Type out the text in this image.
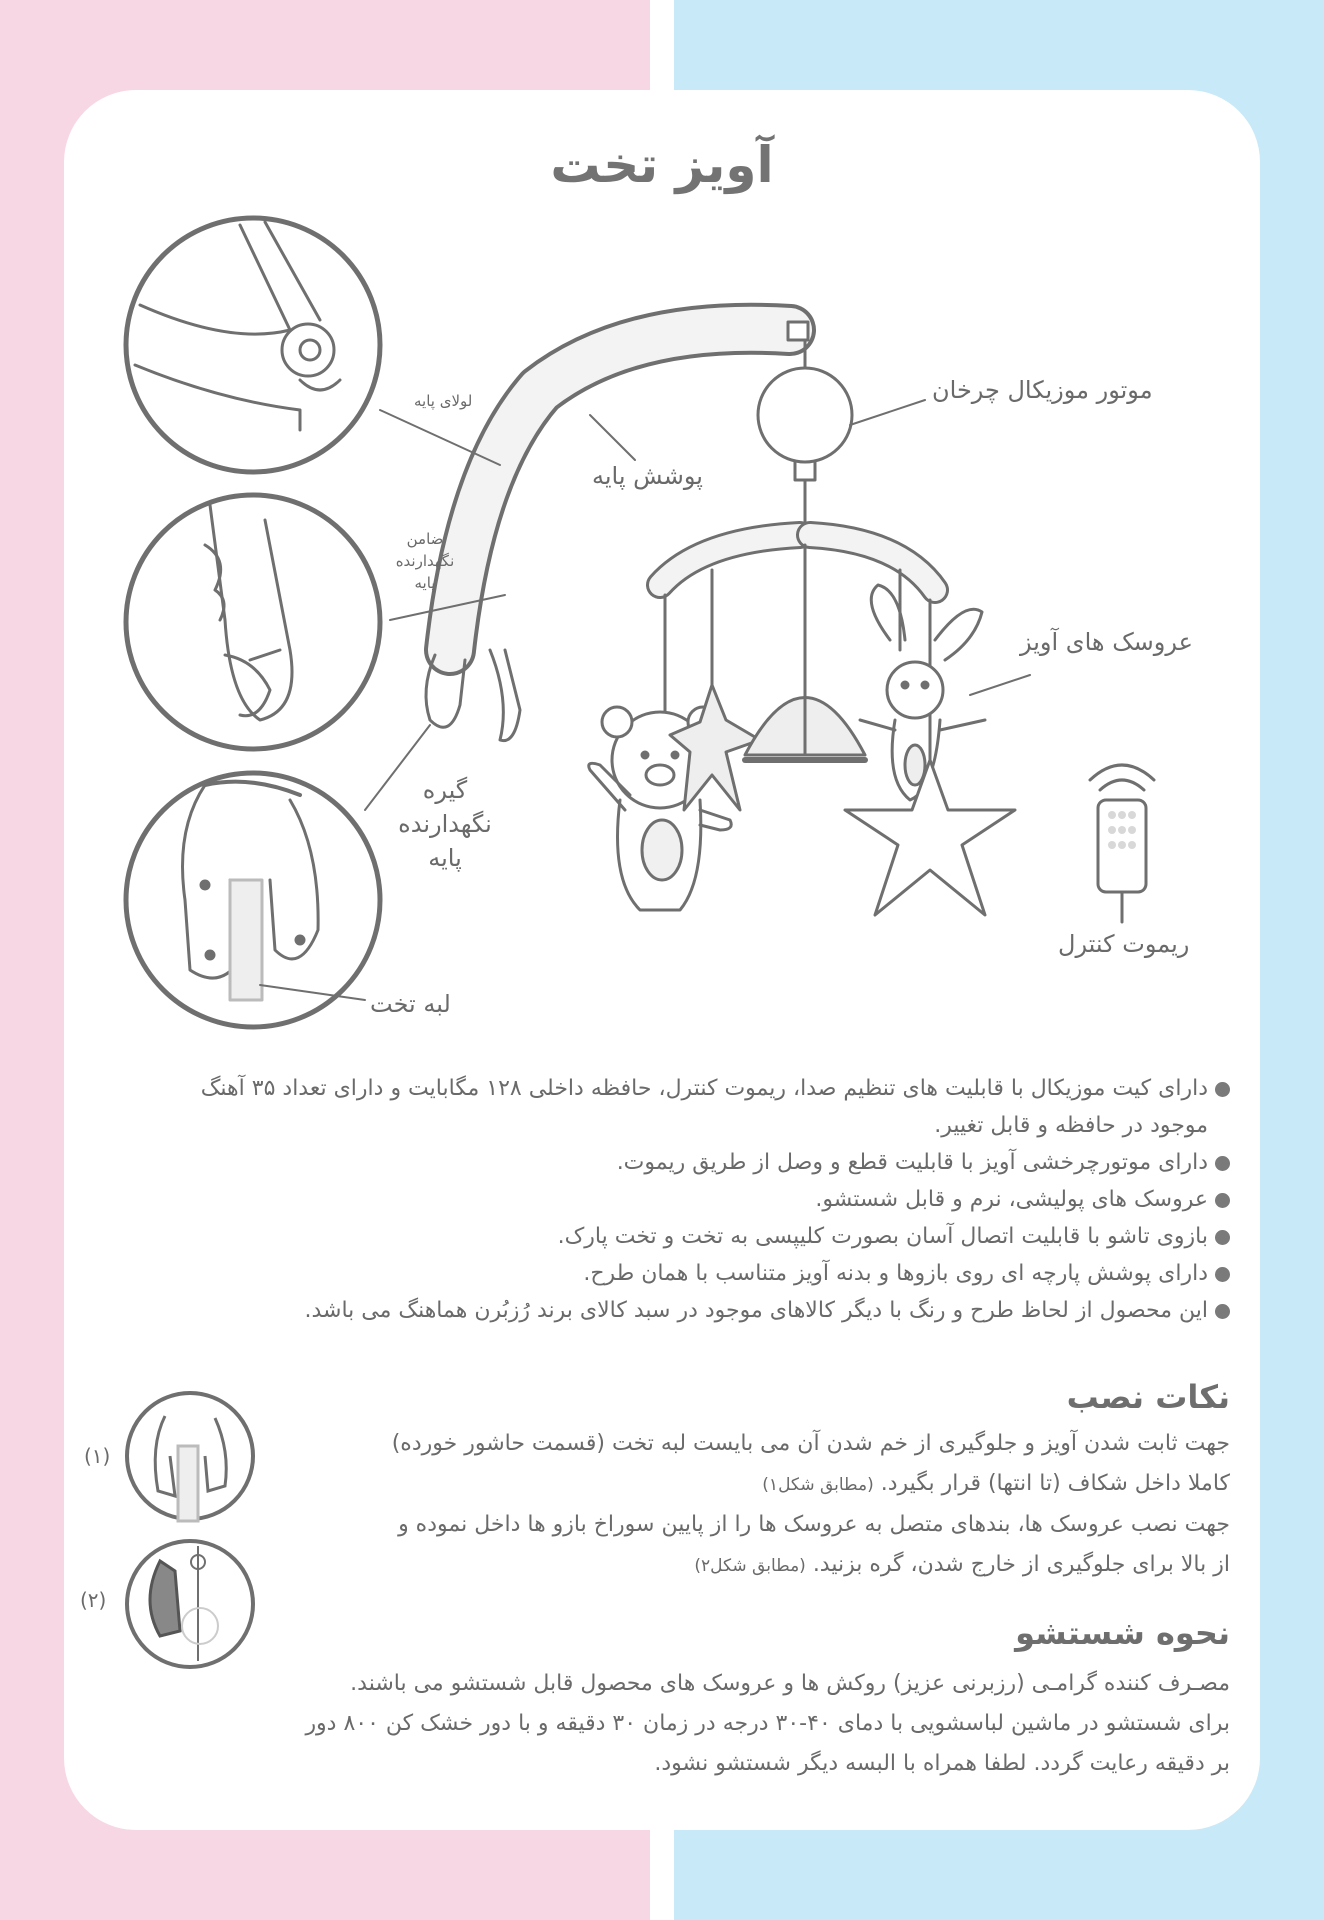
آویز تخت
لولای پایه
پوشش پایه
ضامن
نگهدارنده
پایه
گیره
نگهدارنده
پایه
لبه تخت
موتور موزیکال چرخان
عروسک های آویز
ریموت کنترل
دارای کیت موزیکال با قابلیت های تنظیم صدا، ریموت کنترل، حافظه داخلی ۱۲۸ مگابایت و دارای تعداد ۳۵ آهنگ موجود در حافظه و قابل تغییر.
دارای موتورچرخشی آویز با قابلیت قطع و وصل از طریق ریموت.
عروسک های پولیشی، نرم و قابل شستشو.
بازوی تاشو با قابلیت اتصال آسان بصورت کلیپسی به تخت و تخت پارک.
دارای پوشش پارچه ای روی بازوها و بدنه آویز متناسب با همان طرح.
این محصول از لحاظ طرح و رنگ با دیگر کالاهای موجود در سبد کالای برند رُزبُرن هماهنگ می باشد.
نکات نصب
جهت ثابت شدن آویز و جلوگیری از خم شدن آن می بایست لبه تخت (قسمت حاشور خورده)
کاملا داخل شکاف (تا انتها) قرار بگیرد. (مطابق شکل۱)
جهت نصب عروسک ها، بندهای متصل به عروسک ها را از پایین سوراخ بازو ها داخل نموده و
از بالا برای جلوگیری از خارج شدن، گره بزنید. (مطابق شکل۲)
(۱)
(۲)
نحوه شستشو
مصـرف کننده گرامـی (رزبرنی عزیز) روکش ها و عروسک های محصول قابل شستشو می باشند.
برای شستشو در ماشین لباسشویی با دمای ۴۰-۳۰ درجه در زمان ۳۰ دقیقه و با دور خشک کن ۸۰۰ دور
بر دقیقه رعایت گردد. لطفا همراه با البسه دیگر شستشو نشود.
